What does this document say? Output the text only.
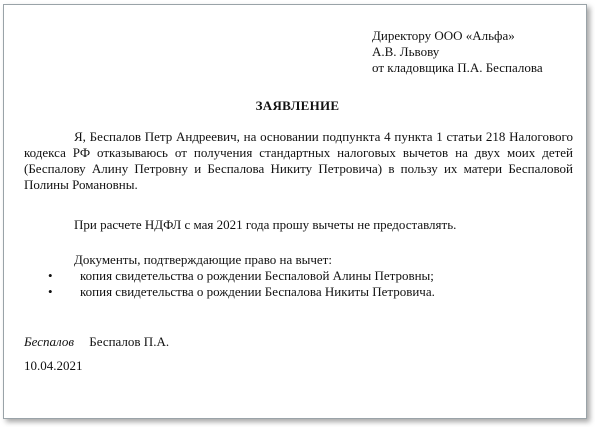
Директору ООО «Альфа»
А.В. Львову
от кладовщика П.А. Беспалова
ЗАЯВЛЕНИЕ
Я, Беспалов Петр Андреевич, на основании подпункта 4 пункта 1 статьи 218 Налогового кодекса РФ отказываюсь от получения стандартных налоговых вычетов на двух моих детей (Беспалову Алину Петровну и Беспалова Никиту Петровича) в пользу их матери Беспаловой Полины Романовны.
При расчете НДФЛ с мая 2021 года прошу вычеты не предоставлять.
Документы, подтверждающие право на вычет:
• копия свидетельства о рождении Беспаловой Алины Петровны;
• копия свидетельства о рождении Беспалова Никиты Петровича.
Беспалов Беспалов П.А.
10.04.2021
